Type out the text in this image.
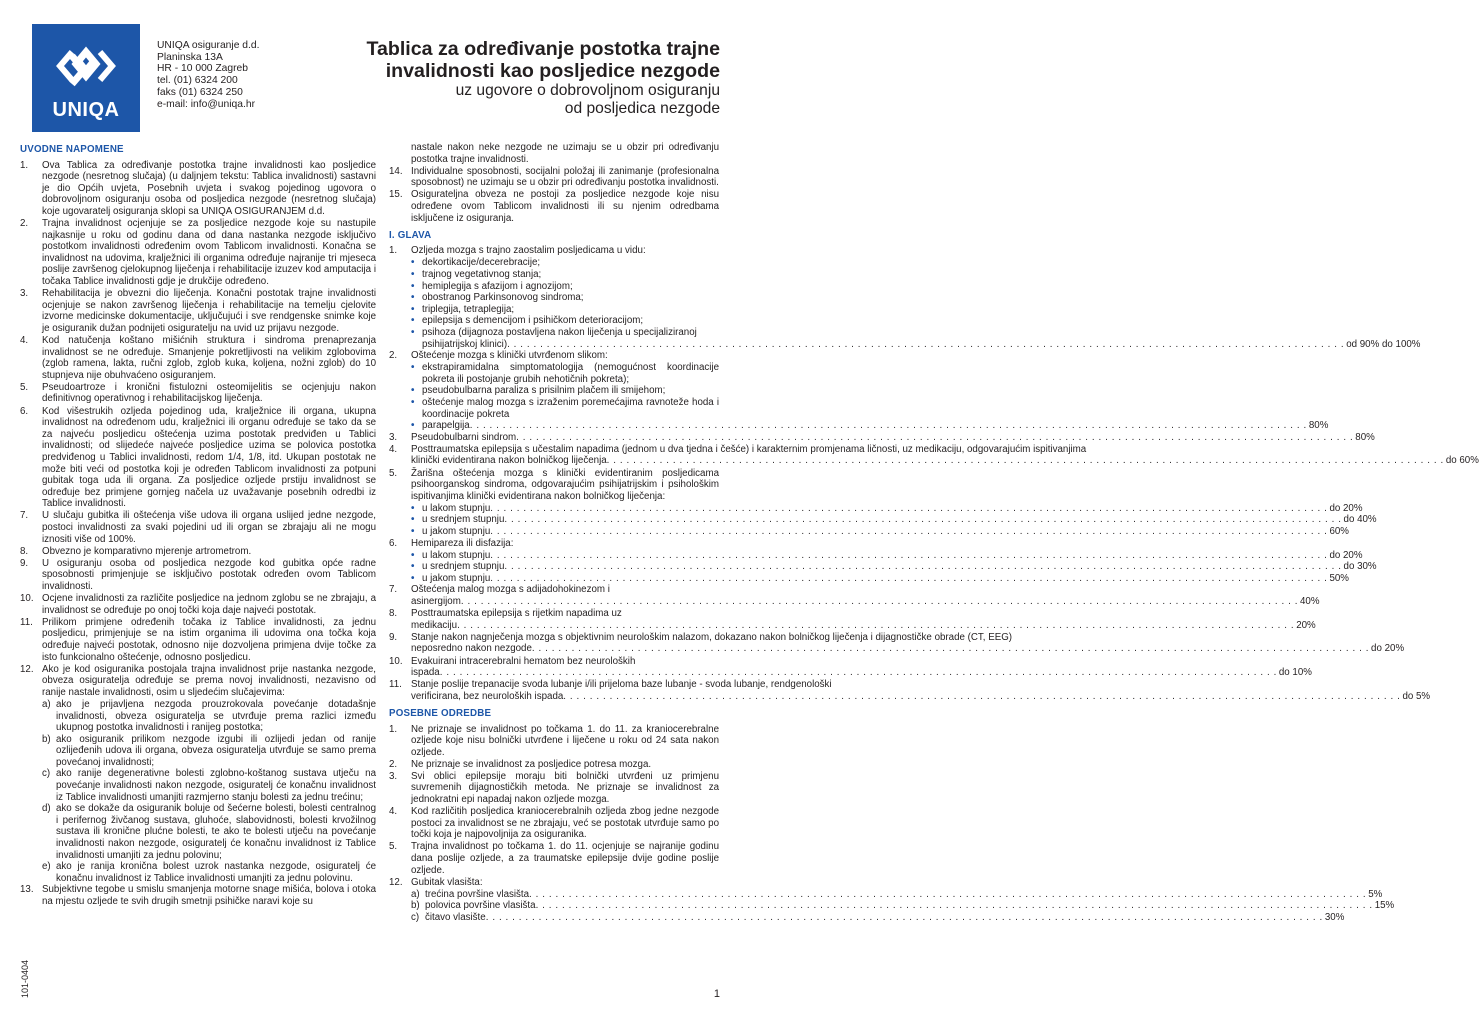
UNIQA
UNIQA osiguranje d.d.
Planinska 13A
HR - 10 000 Zagreb
tel. (01) 6324 200
faks (01) 6324 250
e-mail: info@uniqa.hr
Tablica za određivanje postotka trajne
invalidnosti kao posljedice nezgode
uz ugovore o dobrovoljnom osiguranju
od posljedica nezgode
UVODNE NAPOMENE
1.	Ova Tablica za određivanje postotka trajne invalidnosti kao posljedice nezgode (nesretnog slučaja) (u daljnjem tekstu: Tablica invalidnosti) sastavni je dio Općih uvjeta, Posebnih uvjeta i svakog pojedinog ugovora o dobrovoljnom osiguranju osoba od posljedica nezgode (nesretnog slučaja) koje ugovaratelj osiguranja sklopi sa UNIQA OSIGURANJEM d.d.
2.	Trajna invalidnost ocjenjuje se za posljedice nezgode koje su nastupile najkasnije u roku od godinu dana od dana nastanka nezgode isključivo postotkom invalidnosti određenim ovom Tablicom invalidnosti. Konačna se invalidnost na udovima, kralježnici ili organima određuje najranije tri mjeseca poslije završenog cjelokupnog liječenja i rehabilitacije izuzev kod amputacija i točaka Tablice invalidnosti gdje je drukčije određeno.
3.	Rehabilitacija je obvezni dio liječenja. Konačni postotak trajne invalidnosti ocjenjuje se nakon završenog liječenja i rehabilitacije na temelju cjelovite izvorne medicinske dokumentacije, uključujući i sve rendgenske snimke koje je osiguranik dužan podnijeti osiguratelju na uvid uz prijavu nezgode.
4.	Kod natučenja koštano mišićnih struktura i sindroma prenaprezanja invalidnost se ne određuje. Smanjenje pokretljivosti na velikim zglobovima (zglob ramena, lakta, ručni zglob, zglob kuka, koljena, nožni zglob) do 10 stupnjeva nije obuhvaćeno osiguranjem.
5.	Pseudoartroze i kronični fistulozni osteomijelitis se ocjenjuju nakon definitivnog operativnog i rehabilitacijskog liječenja.
6.	Kod višestrukih ozljeda pojedinog uda, kralježnice ili organa, ukupna invalidnost na određenom udu, kralježnici ili organu određuje se tako da se za najveću posljedicu oštećenja uzima postotak predviđen u Tablici invalidnosti; od slijedeće najveće posljedice uzima se polovica postotka predviđenog u Tablici invalidnosti, redom 1/4, 1/8, itd. Ukupan postotak ne može biti veći od postotka koji je određen Tablicom invalidnosti za potpuni gubitak toga uda ili organa. Za posljedice ozljede prstiju invalidnost se određuje bez primjene gornjeg načela uz uvažavanje posebnih odredbi iz Tablice invalidnosti.
7.	U slučaju gubitka ili oštećenja više udova ili organa uslijed jedne nezgode, postoci invalidnosti za svaki pojedini ud ili organ se zbrajaju ali ne mogu iznositi više od 100%.
8.	Obvezno je komparativno mjerenje artrometrom.
9.	U osiguranju osoba od posljedica nezgode kod gubitka opće radne sposobnosti primjenjuje se isključivo postotak određen ovom Tablicom invalidnosti.
10. Ocjene invalidnosti za različite posljedice na jednom zglobu se ne zbrajaju, a invalidnost se određuje po onoj točki koja daje najveći postotak.
11. Prilikom primjene određenih točaka iz Tablice invalidnosti, za jednu posljedicu, primjenjuje se na istim organima ili udovima ona točka koja određuje najveći postotak, odnosno nije dozvoljena primjena dvije točke za isto funkcionalno oštećenje, odnosno posljedicu.
12. Ako je kod osiguranika postojala trajna invalidnost prije nastanka nezgode, obveza osiguratelja određuje se prema novoj invalidnosti, nezavisno od ranije nastale invalidnosti, osim u sljedećim slučajevima:
a) ako je prijavljena nezgoda prouzrokovala povećanje dotadašnje invalidnosti, obveza osiguratelja se utvrđuje prema razlici između ukupnog postotka invalidnosti i ranijeg postotka;
b) ako osiguranik prilikom nezgode izgubi ili ozlijedi jedan od ranije ozlijeđenih udova ili organa, obveza osiguratelja utvrđuje se samo prema povećanoj invalidnosti;
c) ako ranije degenerativne bolesti zglobno-koštanog sustava utječu na povećanje invalidnosti nakon nezgode, osiguratelj će konačnu invalidnost iz Tablice invalidnosti umanjiti razmjerno stanju bolesti za jednu trećinu;
d) ako se dokaže da osiguranik boluje od šećerne bolesti, bolesti centralnog i perifernog živčanog sustava, gluhoće, slabovidnosti, bolesti krvožilnog sustava ili kronične plućne bolesti, te ako te bolesti utječu na povećanje invalidnosti nakon nezgode, osiguratelj će konačnu invalidnost iz Tablice invalidnosti umanjiti za jednu polovinu;
e) ako je ranija kronična bolest uzrok nastanka nezgode, osiguratelj će konačnu invalidnost iz Tablice invalidnosti umanjiti za jednu polovinu.
13. Subjektivne tegobe u smislu smanjenja motorne snage mišića, bolova i otoka na mjestu ozljede te svih drugih smetnji psihičke naravi koje su
nastale nakon neke nezgode ne uzimaju se u obzir pri određivanju postotka trajne invalidnosti.
14. Individualne sposobnosti, socijalni položaj ili zanimanje (profesionalna sposobnost) ne uzimaju se u obzir pri određivanju postotka invalidnosti.
15. Osigurateljna obveza ne postoji za posljedice nezgode koje nisu određene ovom Tablicom invalidnosti ili su njenim odredbama isključene iz osiguranja.
I. GLAVA
1.	Ozljeda mozga s trajno zaostalim posljedicama u vidu:
• dekortikacije/decerebracije;
• trajnog vegetativnog stanja;
• hemiplegija s afazijom i agnozijom;
• obostranog Parkinsonovog sindroma;
• triplegija, tetraplegija;
• epilepsija s demencijom i psihičkom deterioracijom;
• psihoza (dijagnoza postavljena nakon liječenja u specijaliziranoj
psihijatrijskoj klinici) . . .	od 90% do 100%
2.	Oštećenje mozga s klinički utvrđenom slikom:
• ekstrapiramidalna simptomatologija (nemogućnost koordinacije pokreta ili postojanje grubih nehotičnih pokreta);
• pseudobulbarna paraliza s prisilnim plačem ili smijehom;
• oštećenje malog mozga s izraženim poremećajima ravnoteže hoda i koordinacije pokreta
• parapelgija . . .	80%
3.	Pseudobulbarni sindrom . . .	80%
4.	Posttraumatska epilepsija s učestalim napadima (jednom u dva tjedna i češće) i karakternim promjenama ličnosti, uz medikaciju, odgovarajućim ispitivanjima
klinički evidentirana nakon bolničkog liječenja . . .	do 60%
5.	Žarišna oštećenja mozga s klinički evidentiranim posljedicama psihoorganskog sindroma, odgovarajućim psihijatrijskim i psihološkim ispitivanjima klinički evidentirana nakon bolničkog liječenja:
• u lakom stupnju . . .	do 20%
• u srednjem stupnju . . .	do 40%
• u jakom stupnju . . .	60%
6.	Hemipareza ili disfazija:
• u lakom stupnju . . .	do 20%
• u srednjem stupnju . . .	do 30%
• u jakom stupnju . . .	50%
7.	Oštećenja malog mozga s adijadohokinezom i
asinergijom . . .	40%
8.	Posttraumatska epilepsija s rijetkim napadima uz
medikaciju . . .	20%
9.	Stanje nakon nagnječenja mozga s objektivnim neurološkim nalazom, dokazano nakon bolničkog liječenja i dijagnostičke obrade (CT, EEG)
neposredno nakon nezgode . . .	do 20%
10. Evakuirani intracerebralni hematom bez neuroloških
ispada . . .	do 10%
11. Stanje poslije trepanacije svoda lubanje i/ili prijeloma baze lubanje - svoda lubanje, rendgenološki
verificirana, bez neuroloških ispada . . .	do 5%
POSEBNE ODREDBE
1.	Ne priznaje se invalidnost po točkama 1. do 11. za kraniocerebralne ozljede koje nisu bolnički utvrđene i liječene u roku od 24 sata nakon ozljede.
2.	Ne priznaje se invalidnost za posljedice potresa mozga.
3.	Svi oblici epilepsije moraju biti bolnički utvrđeni uz primjenu suvremenih dijagnostičkih metoda. Ne priznaje se invalidnost za jednokratni epi napadaj nakon ozljede mozga.
4.	Kod različitih posljedica kraniocerebralnih ozljeda zbog jedne nezgode postoci za invalidnost se ne zbrajaju, već se postotak utvrđuje samo po točki koja je najpovoljnija za osiguranika.
5.	Trajna invalidnost po točkama 1. do 11. ocjenjuje se najranije godinu dana poslije ozljede, a za traumatske epilepsije dvije godine poslije ozljede.
12. Gubitak vlasišta:
a) trećina površine vlasišta . . .	5%
b) polovica površine vlasišta . . .	15%
c) čitavo vlasište . . .	30%
101-0404	1
